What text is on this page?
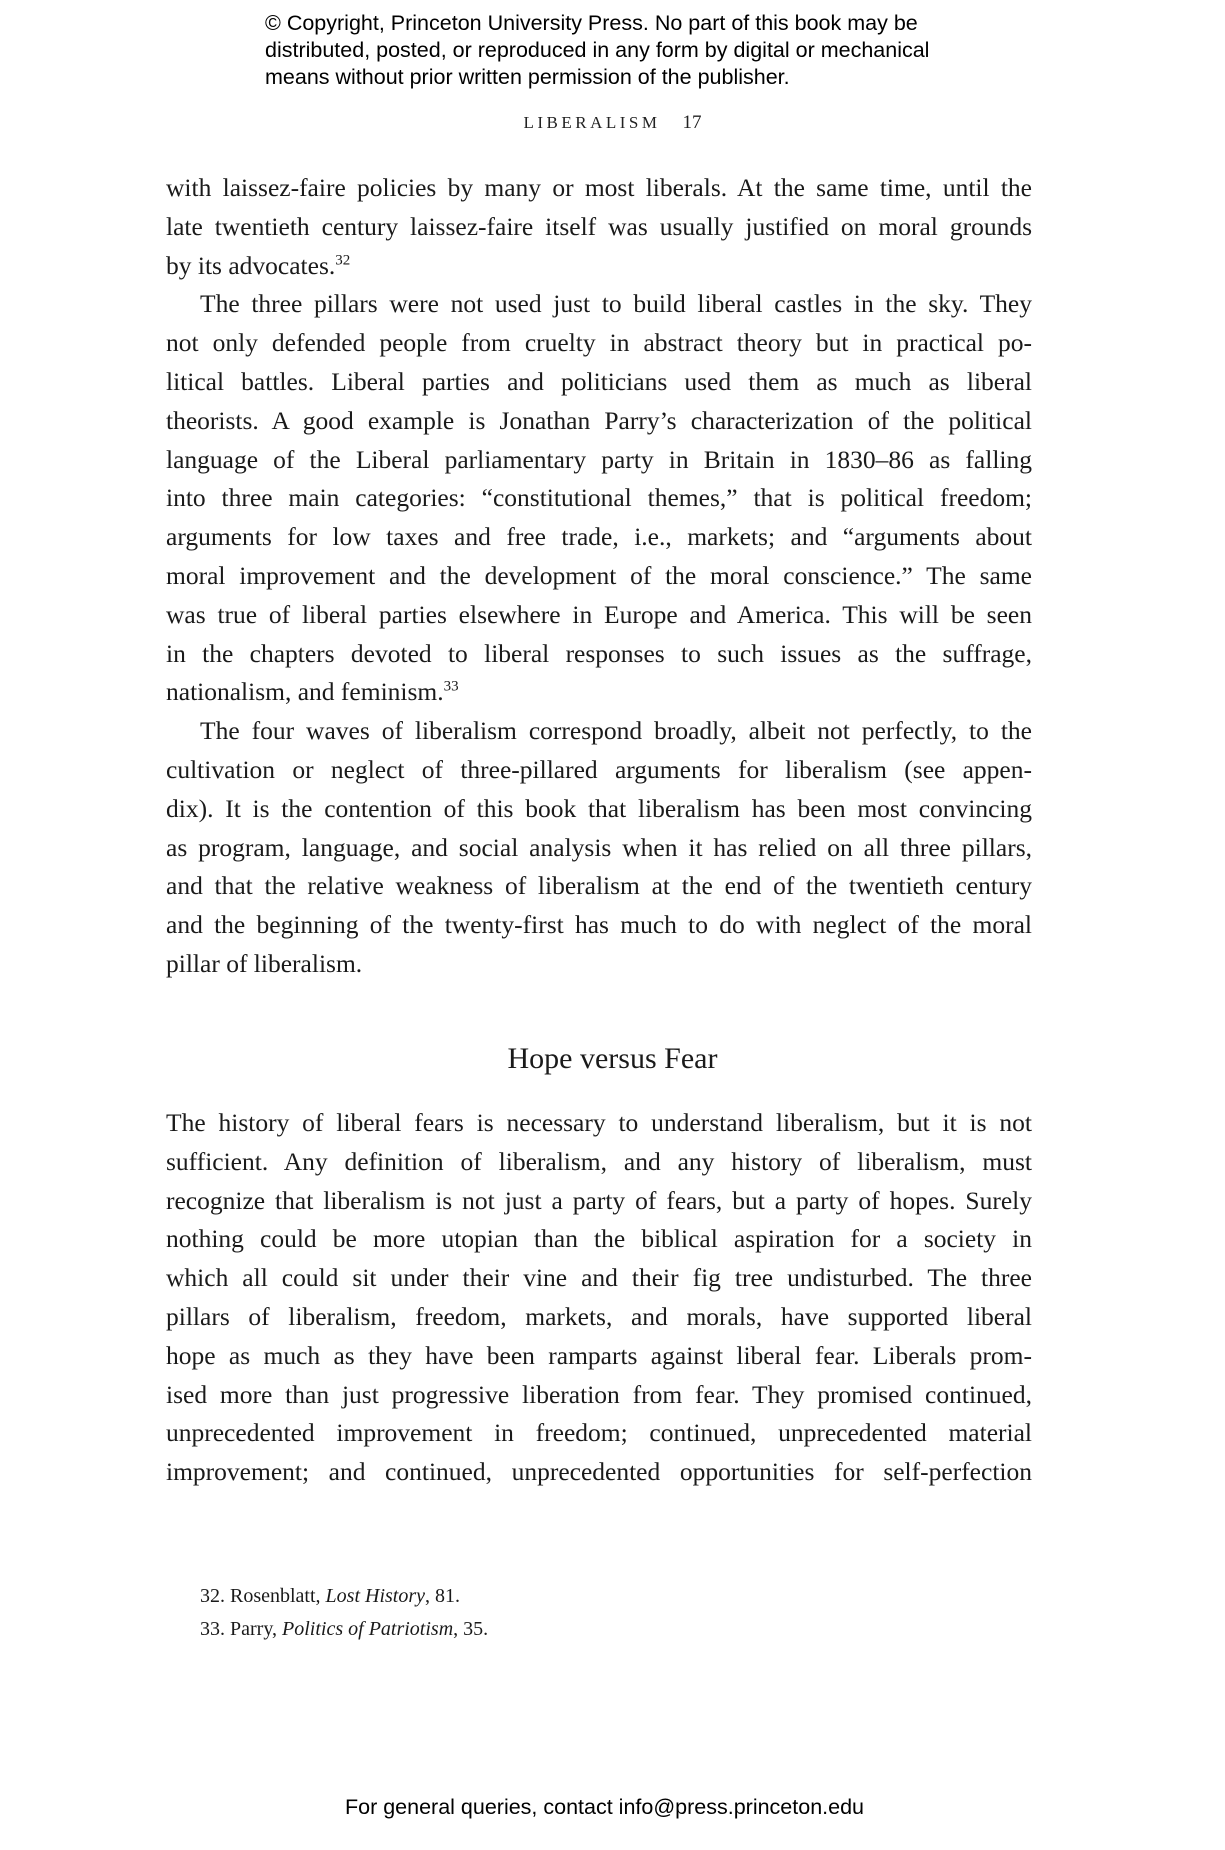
© Copyright, Princeton University Press. No part of this book may be
distributed, posted, or reproduced in any form by digital or mechanical
means without prior written permission of the publisher.
LIBERALISM 17
with laissez-faire policies by many or most liberals. At the same time, until the
late twentieth century laissez-faire itself was usually justified on moral grounds
by its advocates.$^{32}$
The three pillars were not used just to build liberal castles in the sky. They
not only defended people from cruelty in abstract theory but in practical po-
litical battles. Liberal parties and politicians used them as much as liberal
theorists. A good example is Jonathan Parry’s characterization of the political
language of the Liberal parliamentary party in Britain in 1830–86 as falling
into three main categories: “constitutional themes,” that is political freedom;
arguments for low taxes and free trade, i.e., markets; and “arguments about
moral improvement and the development of the moral conscience.” The same
was true of liberal parties elsewhere in Europe and America. This will be seen
in the chapters devoted to liberal responses to such issues as the suffrage,
nationalism, and feminism.$^{33}$
The four waves of liberalism correspond broadly, albeit not perfectly, to the
cultivation or neglect of three-pillared arguments for liberalism (see appen-
dix). It is the contention of this book that liberalism has been most convincing
as program, language, and social analysis when it has relied on all three pillars,
and that the relative weakness of liberalism at the end of the twentieth century
and the beginning of the twenty-first has much to do with neglect of the moral
pillar of liberalism.
Hope versus Fear
The history of liberal fears is necessary to understand liberalism, but it is not
sufficient. Any definition of liberalism, and any history of liberalism, must
recognize that liberalism is not just a party of fears, but a party of hopes. Surely
nothing could be more utopian than the biblical aspiration for a society in
which all could sit under their vine and their fig tree undisturbed. The three
pillars of liberalism, freedom, markets, and morals, have supported liberal
hope as much as they have been ramparts against liberal fear. Liberals prom-
ised more than just progressive liberation from fear. They promised continued,
unprecedented improvement in freedom; continued, unprecedented material
improvement; and continued, unprecedented opportunities for self-perfection
32. Rosenblatt, Lost History, 81.
33. Parry, Politics of Patriotism, 35.
For general queries, contact info@press.princeton.edu
